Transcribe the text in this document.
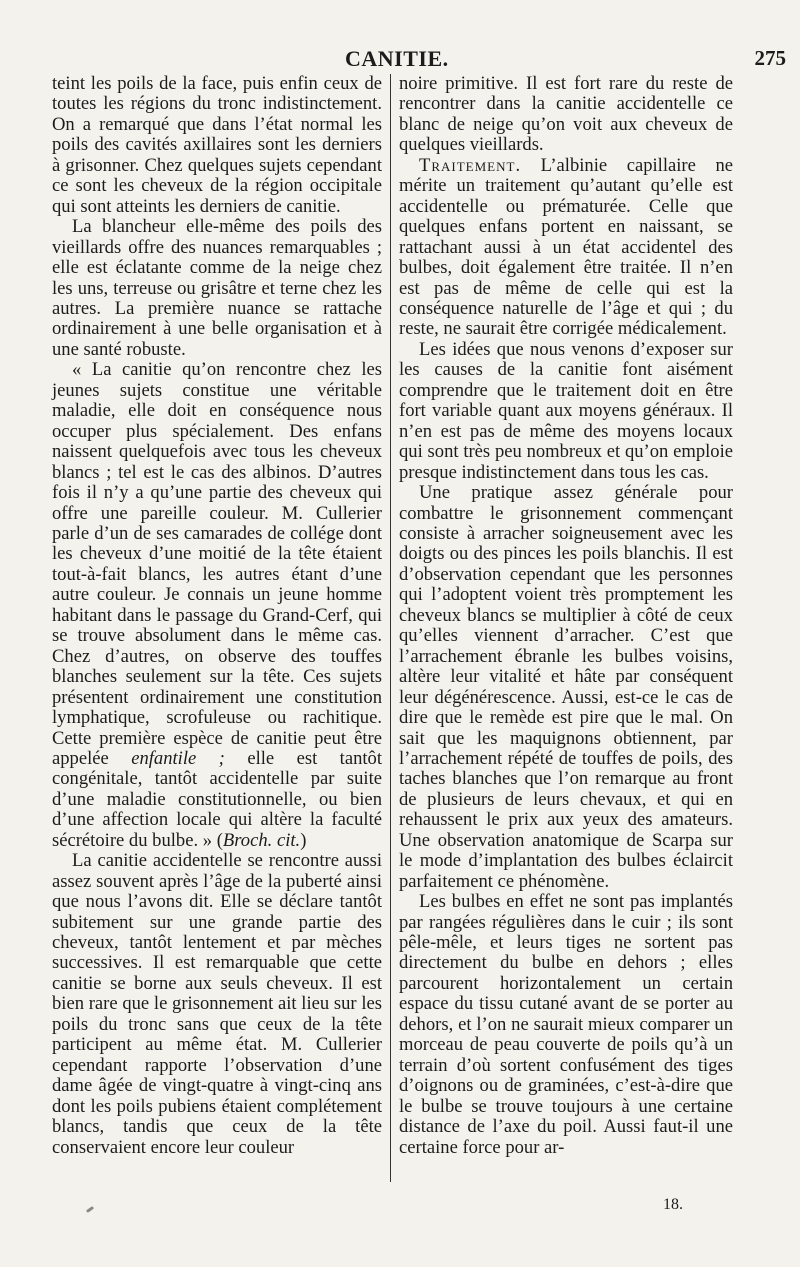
CANITIE.	275

teint les poils de la face, puis enfin ceux de toutes les régions du tronc indistinctement. On a remarqué que dans l’état normal les poils des cavités axillaires sont les derniers à grisonner. Chez quelques sujets cependant ce sont les cheveux de la région occipitale qui sont atteints les derniers de canitie.

La blancheur elle-même des poils des vieillards offre des nuances remarquables ; elle est éclatante comme de la neige chez les uns, terreuse ou grisâtre et terne chez les autres. La première nuance se rattache ordinairement à une belle organisation et à une santé robuste.

« La canitie qu’on rencontre chez les jeunes sujets constitue une véritable maladie, elle doit en conséquence nous occuper plus spécialement. Des enfans naissent quelquefois avec tous les cheveux blancs ; tel est le cas des albinos. D’autres fois il n’y a qu’une partie des cheveux qui offre une pareille couleur. M. Cullerier parle d’un de ses camarades de collége dont les cheveux d’une moitié de la tête étaient tout-à-fait blancs, les autres étant d’une autre couleur. Je connais un jeune homme habitant dans le passage du Grand-Cerf, qui se trouve absolument dans le même cas. Chez d’autres, on observe des touffes blanches seulement sur la tête. Ces sujets présentent ordinairement une constitution lymphatique, scrofuleuse ou rachitique. Cette première espèce de canitie peut être appelée enfantile ; elle est tantôt congénitale, tantôt accidentelle par suite d’une maladie constitutionnelle, ou bien d’une affection locale qui altère la faculté sécrétoire du bulbe. » (Broch. cit.)

La canitie accidentelle se rencontre aussi assez souvent après l’âge de la puberté ainsi que nous l’avons dit. Elle se déclare tantôt subitement sur une grande partie des cheveux, tantôt lentement et par mèches successives. Il est remarquable que cette canitie se borne aux seuls cheveux. Il est bien rare que le grisonnement ait lieu sur les poils du tronc sans que ceux de la tête participent au même état. M. Cullerier cependant rapporte l’observation d’une dame âgée de vingt-quatre à vingt-cinq ans dont les poils pubiens étaient complétement blancs, tandis que ceux de la tête conservaient encore leur couleur

noire primitive. Il est fort rare du reste de rencontrer dans la canitie accidentelle ce blanc de neige qu’on voit aux cheveux de quelques vieillards.

Traitement. L’albinie capillaire ne mérite un traitement qu’autant qu’elle est accidentelle ou prématurée. Celle que quelques enfans portent en naissant, se rattachant aussi à un état accidentel des bulbes, doit également être traitée. Il n’en est pas de même de celle qui est la conséquence naturelle de l’âge et qui ; du reste, ne saurait être corrigée médicalement.

Les idées que nous venons d’exposer sur les causes de la canitie font aisément comprendre que le traitement doit en être fort variable quant aux moyens généraux. Il n’en est pas de même des moyens locaux qui sont très peu nombreux et qu’on emploie presque indistinctement dans tous les cas.

Une pratique assez générale pour combattre le grisonnement commençant consiste à arracher soigneusement avec les doigts ou des pinces les poils blanchis. Il est d’observation cependant que les personnes qui l’adoptent voient très promptement les cheveux blancs se multiplier à côté de ceux qu’elles viennent d’arracher. C’est que l’arrachement ébranle les bulbes voisins, altère leur vitalité et hâte par conséquent leur dégénérescence. Aussi, est-ce le cas de dire que le remède est pire que le mal. On sait que les maquignons obtiennent, par l’arrachement répété de touffes de poils, des taches blanches que l’on remarque au front de plusieurs de leurs chevaux, et qui en rehaussent le prix aux yeux des amateurs. Une observation anatomique de Scarpa sur le mode d’implantation des bulbes éclaircit parfaitement ce phénomène.

Les bulbes en effet ne sont pas implantés par rangées régulières dans le cuir ; ils sont pêle-mêle, et leurs tiges ne sortent pas directement du bulbe en dehors ; elles parcourent horizontalement un certain espace du tissu cutané avant de se porter au dehors, et l’on ne saurait mieux comparer un morceau de peau couverte de poils qu’à un terrain d’où sortent confusément des tiges d’oignons ou de graminées, c’est-à-dire que le bulbe se trouve toujours à une certaine distance de l’axe du poil. Aussi faut-il une certaine force pour ar-

18.
